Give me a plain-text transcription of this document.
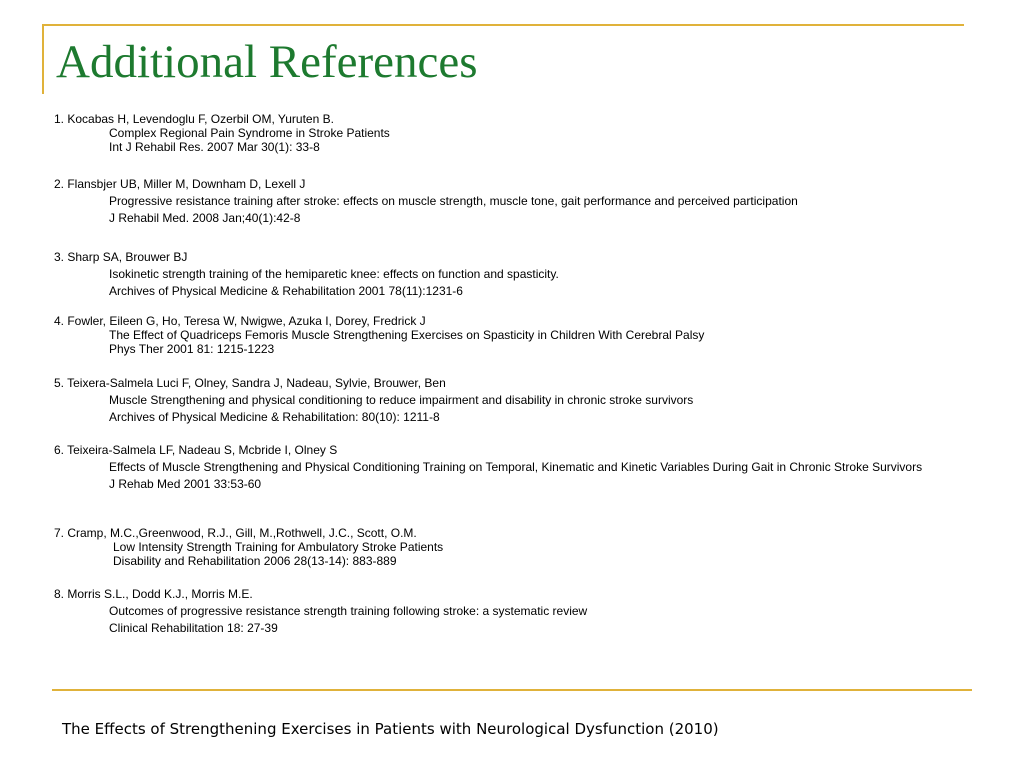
Additional References
1. Kocabas H, Levendoglu F, Ozerbil OM, Yuruten B.
Complex Regional Pain Syndrome in Stroke Patients
Int J Rehabil Res. 2007 Mar 30(1): 33-8
2. Flansbjer UB, Miller M, Downham D, Lexell J
Progressive resistance training after stroke: effects on muscle strength, muscle tone, gait performance and perceived participation
J Rehabil Med. 2008 Jan;40(1):42-8
3. Sharp SA, Brouwer BJ
Isokinetic strength training of the hemiparetic knee: effects on function and spasticity.
Archives of Physical Medicine & Rehabilitation 2001 78(11):1231-6
4. Fowler, Eileen G, Ho, Teresa W, Nwigwe, Azuka I, Dorey, Fredrick J
The Effect of Quadriceps Femoris Muscle Strengthening Exercises on Spasticity in Children With Cerebral Palsy
Phys Ther 2001 81: 1215-1223
5. Teixera-Salmela Luci F, Olney, Sandra J, Nadeau, Sylvie, Brouwer, Ben
Muscle Strengthening and physical conditioning to reduce impairment and disability in chronic stroke survivors
Archives of Physical Medicine & Rehabilitation: 80(10): 1211-8
6. Teixeira-Salmela LF, Nadeau S, Mcbride I, Olney S
Effects of Muscle Strengthening and Physical Conditioning Training on Temporal, Kinematic and Kinetic Variables During Gait in Chronic Stroke Survivors
J Rehab Med 2001 33:53-60
7. Cramp, M.C.,Greenwood, R.J., Gill, M.,Rothwell, J.C., Scott, O.M.
Low Intensity Strength Training for Ambulatory Stroke Patients
Disability and Rehabilitation 2006 28(13-14): 883-889
8. Morris S.L., Dodd K.J., Morris M.E.
Outcomes of progressive resistance strength training following stroke: a systematic review
Clinical Rehabilitation 18: 27-39
The Effects of Strengthening Exercises in Patients with Neurological Dysfunction (2010)
